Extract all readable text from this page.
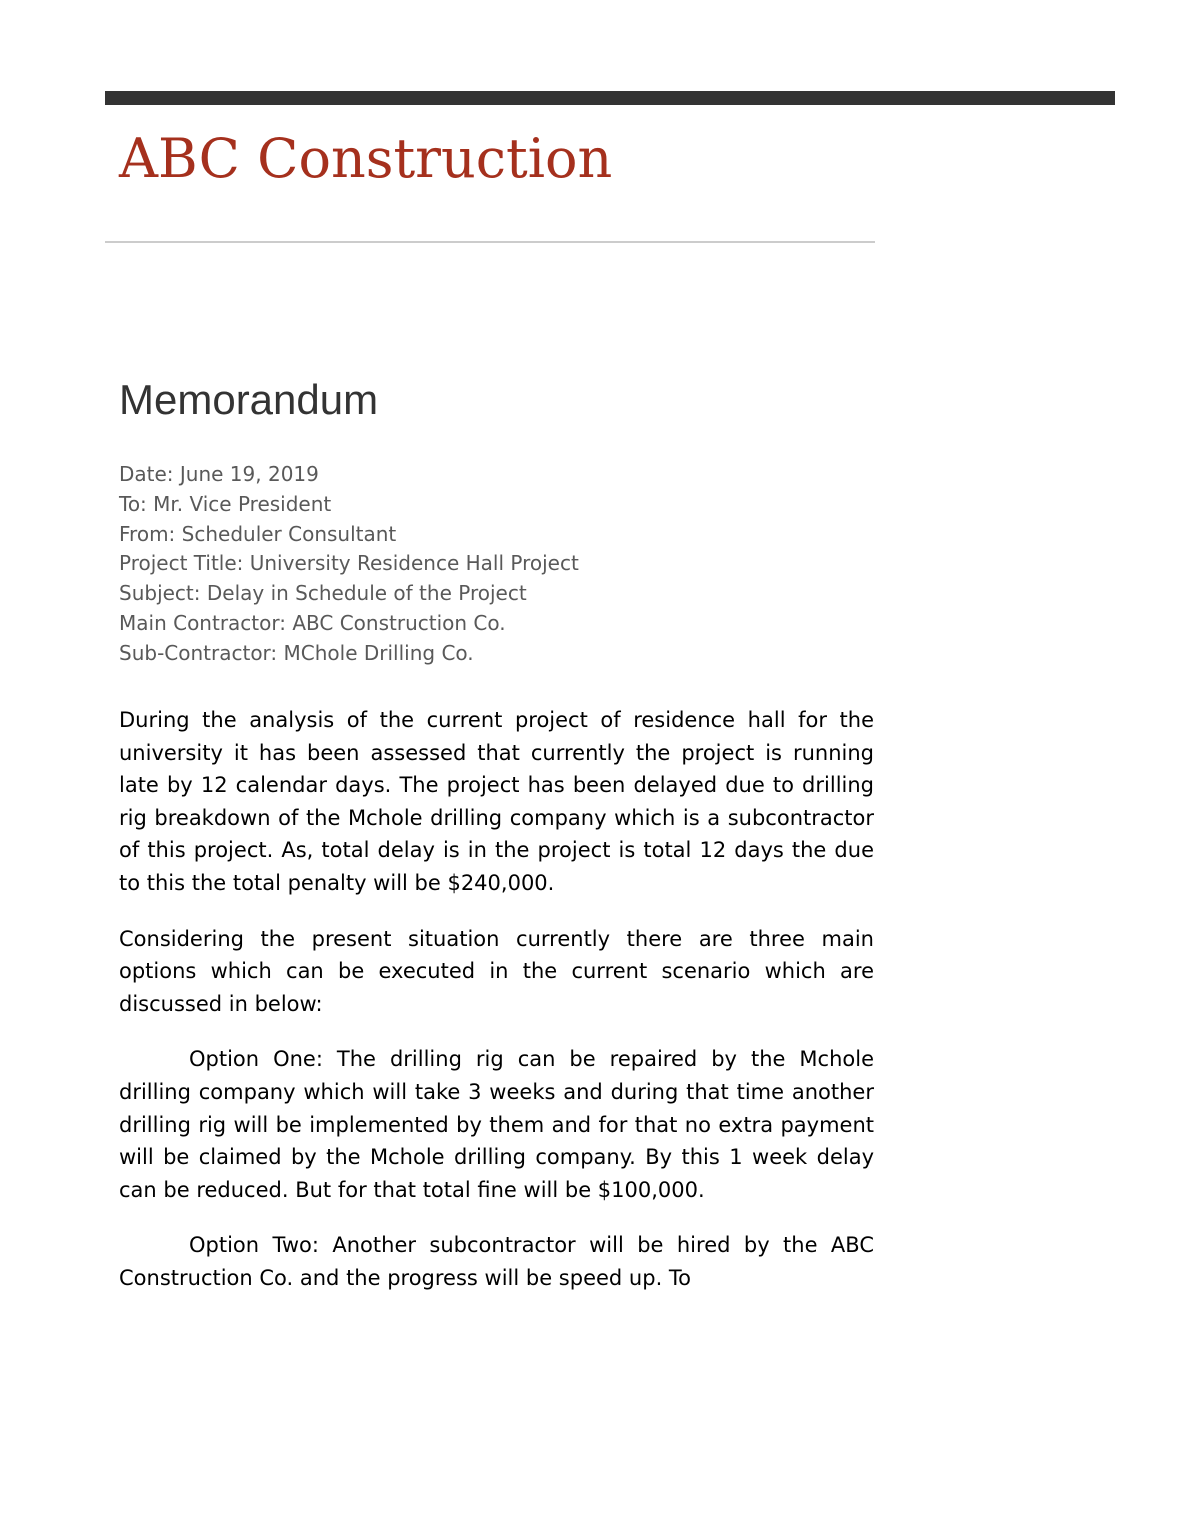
ABC Construction
Memorandum
Date: June 19, 2019
To: Mr. Vice President
From: Scheduler Consultant
Project Title: University Residence Hall Project
Subject: Delay in Schedule of the Project
Main Contractor: ABC Construction Co.
Sub-Contractor: MChole Drilling Co.

During the analysis of the current project of residence hall for the university it has been assessed that currently the project is running late by 12 calendar days. The project has been delayed due to drilling rig breakdown of the Mchole drilling company which is a subcontractor of this project. As, total delay is in the project is total 12 days the due to this the total penalty will be $240,000.

Considering the present situation currently there are three main options which can be executed in the current scenario which are discussed in below:

Option One: The drilling rig can be repaired by the Mchole drilling company which will take 3 weeks and during that time another drilling rig will be implemented by them and for that no extra payment will be claimed by the Mchole drilling company. By this 1 week delay can be reduced. But for that total fine will be $100,000.

Option Two: Another subcontractor will be hired by the ABC Construction Co. and the progress will be speed up. To
